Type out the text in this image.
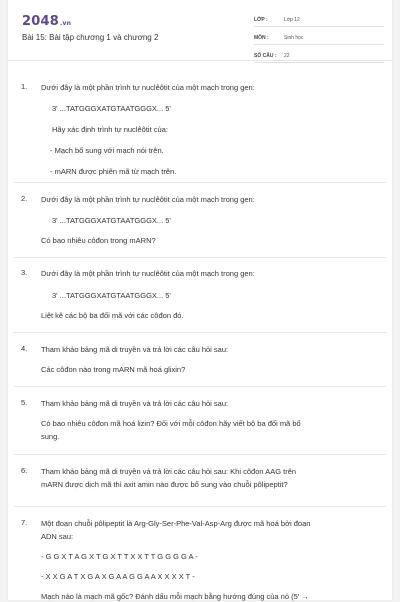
2048.vn
Bài 15: Bài tập chương 1 và chương 2
LỚP :	Lớp 12
MÔN :	Sinh học
SỐ CÂU :	22
1. Dưới đây là một phần trình tự nuclêôtit của một mạch trong gen:
3' ...TATGGGXATGTAATGGGX... 5'
Hãy xác định trình tự nuclêôtit của:
- Mạch bổ sung với mạch nói trên.
- mARN được phiên mã từ mạch trên.
2. Dưới đây là một phần trình tự nuclêôtit của một mạch trong gen:
3' ...TATGGGXATGTAATGGGX... 5'
Có bao nhiêu côđon trong mARN?
3. Dưới đây là một phần trình tự nuclêôtit của một mạch trong gen:
3' ...TATGGGXATGTAATGGGX... 5'
Liệt kê các bộ ba đối mã với các côđon đó.
4. Tham khảo bảng mã di truyền và trả lời các câu hỏi sau:
Các côđon nào trong mARN mã hoá glixin?
5. Tham khảo bảng mã di truyền và trả lời các câu hỏi sau:
Có bao nhiêu côđon mã hoá lizin? Đối với mỗi côđon hãy viết bộ ba đối mã bổ
sung.
6. Tham khảo bảng mã di truyền và trả lời các câu hỏi sau: Khi côđon AAG trên
mARN được dịch mã thì axit amin nào được bổ sung vào chuỗi pôlipeptit?
7. Một đoạn chuỗi pôlipeptit là Arg-Gly-Ser-Phe-Val-Asp-Arg được mã hoá bởi đoạn
ADN sau:
- G G X T A G X T G X T T X X T T G G G G A -
- X X G A T X G A X G A A G G A A X X X X T -
Mạch nào là mạch mã gốc? Đánh dấu mỗi mạch bằng hướng đúng của nó (5' →
